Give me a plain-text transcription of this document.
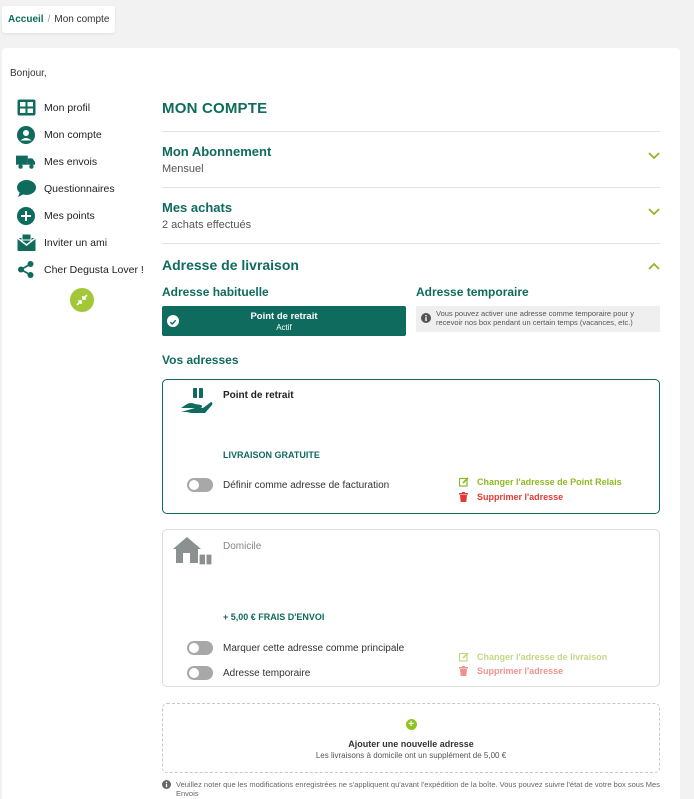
Accueil / Mon compte
Bonjour,
Mon profil
Mon compte
Mes envois
Questionnaires
Mes points
Inviter un ami
Cher Degusta Lover !
MON COMPTE
Mon Abonnement
Mensuel
Mes achats
2 achats effectués
Adresse de livraison
Adresse habituelle	Adresse temporaire
Point de retrait
Actif
Vous pouvez activer une adresse comme temporaire pour y recevoir nos box pendant un certain temps (vacances, etc.)
Vos adresses
Point de retrait
LIVRAISON GRATUITE
Définir comme adresse de facturation	Changer l'adresse de Point Relais
Supprimer l'adresse
Domicile
+ 5,00 € FRAIS D'ENVOI
Marquer cette adresse comme principale
Adresse temporaire
Changer l'adresse de livraison
Supprimer l'adresse
+
Ajouter une nouvelle adresse
Les livraisons à domicile ont un supplément de 5,00 €
Veuillez noter que les modifications enregistrées ne s'appliquent qu'avant l'expédition de la boîte. Vous pouvez suivre l'état de votre box sous Mes Envois
